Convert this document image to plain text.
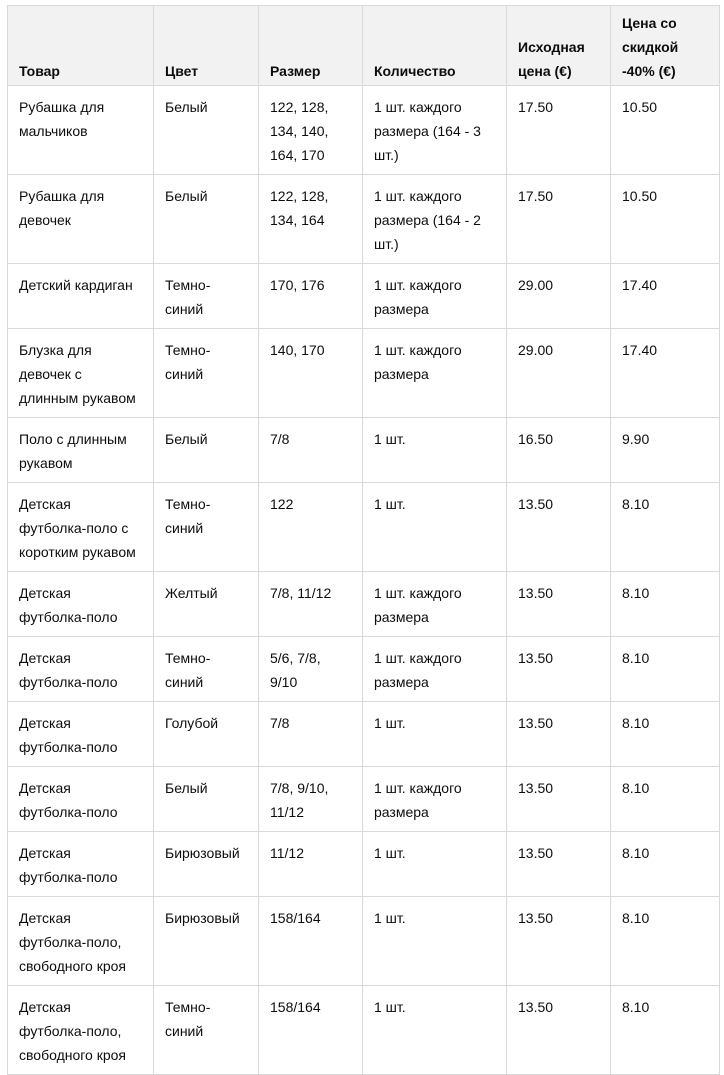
Товар	Цвет	Размер	Количество	Исходная цена (€)	Цена со скидкой -40% (€)
Рубашка для мальчиков	Белый	122, 128, 134, 140, 164, 170	1 шт. каждого размера (164 - 3 шт.)	17.50	10.50
Рубашка для девочек	Белый	122, 128, 134, 164	1 шт. каждого размера (164 - 2 шт.)	17.50	10.50
Детский кардиган	Темно-синий	170, 176	1 шт. каждого размера	29.00	17.40
Блузка для девочек с длинным рукавом	Темно-синий	140, 170	1 шт. каждого размера	29.00	17.40
Поло с длинным рукавом	Белый	7/8	1 шт.	16.50	9.90
Детская футболка-поло с коротким рукавом	Темно-синий	122	1 шт.	13.50	8.10
Детская футболка-поло	Желтый	7/8, 11/12	1 шт. каждого размера	13.50	8.10
Детская футболка-поло	Темно-синий	5/6, 7/8, 9/10	1 шт. каждого размера	13.50	8.10
Детская футболка-поло	Голубой	7/8	1 шт.	13.50	8.10
Детская футболка-поло	Белый	7/8, 9/10, 11/12	1 шт. каждого размера	13.50	8.10
Детская футболка-поло	Бирюзовый	11/12	1 шт.	13.50	8.10
Детская футболка-поло, свободного кроя	Бирюзовый	158/164	1 шт.	13.50	8.10
Детская футболка-поло, свободного кроя	Темно-синий	158/164	1 шт.	13.50	8.10
